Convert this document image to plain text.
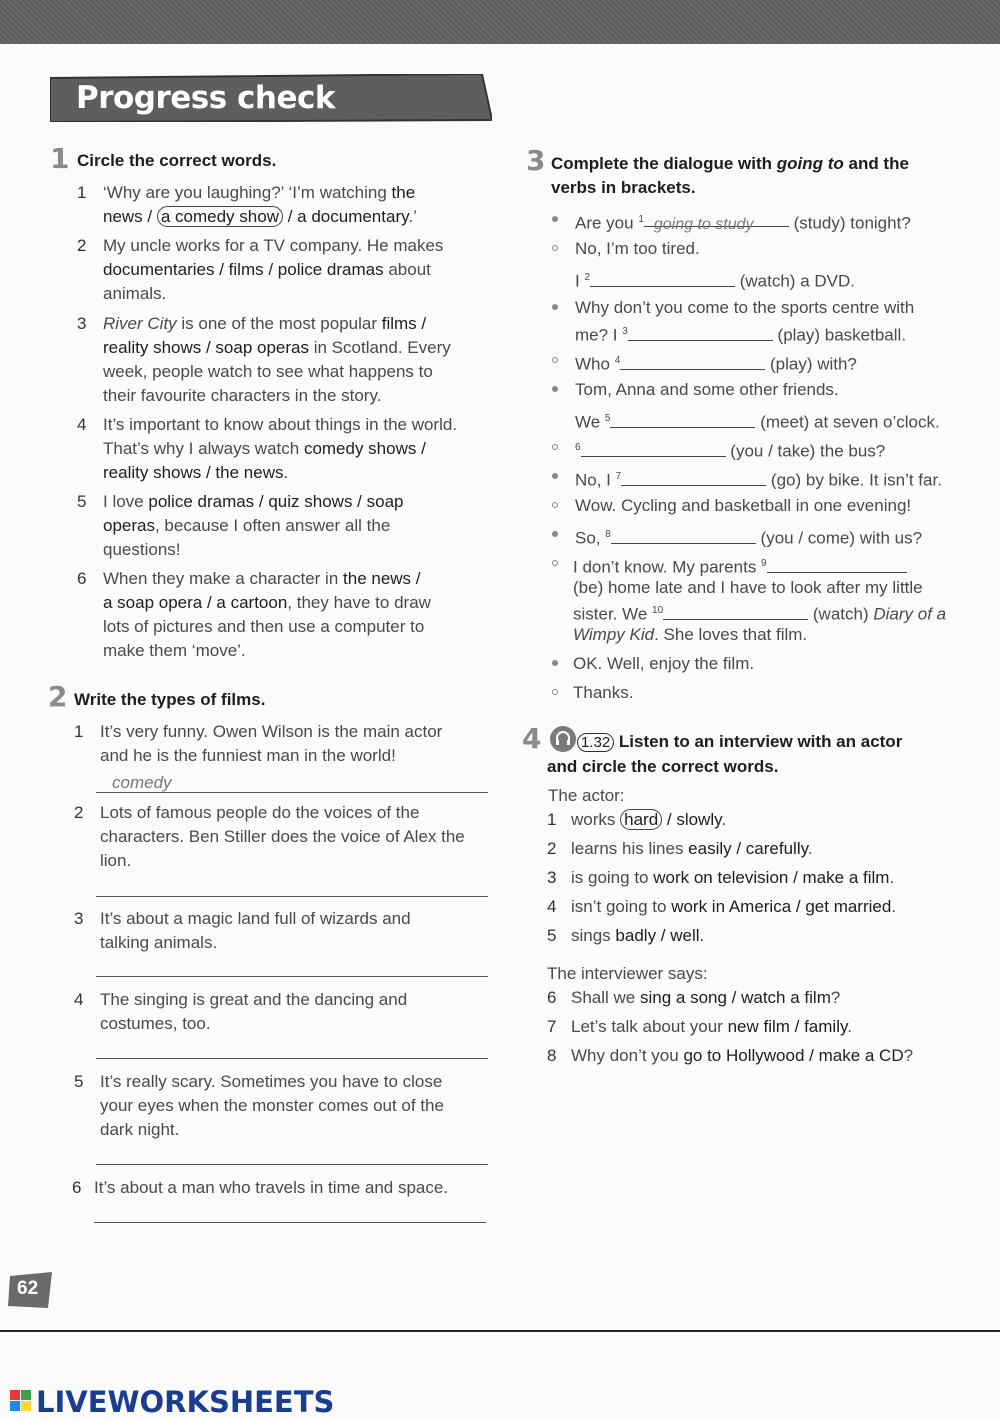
Progress check
1 Circle the correct words.
1 ‘Why are you laughing?’ ‘I’m watching the
news / a comedy show / a documentary.’
2 My uncle works for a TV company. He makes
documentaries / films / police dramas about
animals.
3 River City is one of the most popular films /
reality shows / soap operas in Scotland. Every
week, people watch to see what happens to
their favourite characters in the story.
4 It’s important to know about things in the world.
That’s why I always watch comedy shows /
reality shows / the news.
5 I love police dramas / quiz shows / soap
operas, because I often answer all the
questions!
6 When they make a character in the news /
a soap opera / a cartoon, they have to draw
lots of pictures and then use a computer to
make them ‘move’.
2 Write the types of films.
1 It’s very funny. Owen Wilson is the main actor
and he is the funniest man in the world!
comedy
2 Lots of famous people do the voices of the
characters. Ben Stiller does the voice of Alex the
lion.
3 It’s about a magic land full of wizards and
talking animals.
4 The singing is great and the dancing and
costumes, too.
5 It’s really scary. Sometimes you have to close
your eyes when the monster comes out of the
dark night.
6 It’s about a man who travels in time and space.
3 Complete the dialogue with going to and the
verbs in brackets.
Are you $^1$ going to study (study) tonight?
No, I’m too tired.
I $^2$	(watch) a DVD.
Why don’t you come to the sports centre with
me? I $^3$	(play) basketball.
Who $^4$	(play) with?
Tom, Anna and some other friends.
We $^5$	(meet) at seven o’clock.
$^6$	(you / take) the bus?
No, I $^7$	(go) by bike. It isn’t far.
Wow. Cycling and basketball in one evening!
So, $^8$	(you / come) with us?
I don’t know. My parents $^9$
(be) home late and I have to look after my little
sister. We $^{10}$	(watch) Diary of a
Wimpy Kid. She loves that film.
OK. Well, enjoy the film.
Thanks.
4	1.32 Listen to an interview with an actor
and circle the correct words.
The actor:
1 works hard / slowly.
2 learns his lines easily / carefully.
3 is going to work on television / make a film.
4 isn’t going to work in America / get married.
5 sings badly / well.
The interviewer says:
6 Shall we sing a song / watch a film?
7 Let’s talk about your new film / family.
8 Why don’t you go to Hollywood / make a CD?
62
LIVEWORKSHEETS
